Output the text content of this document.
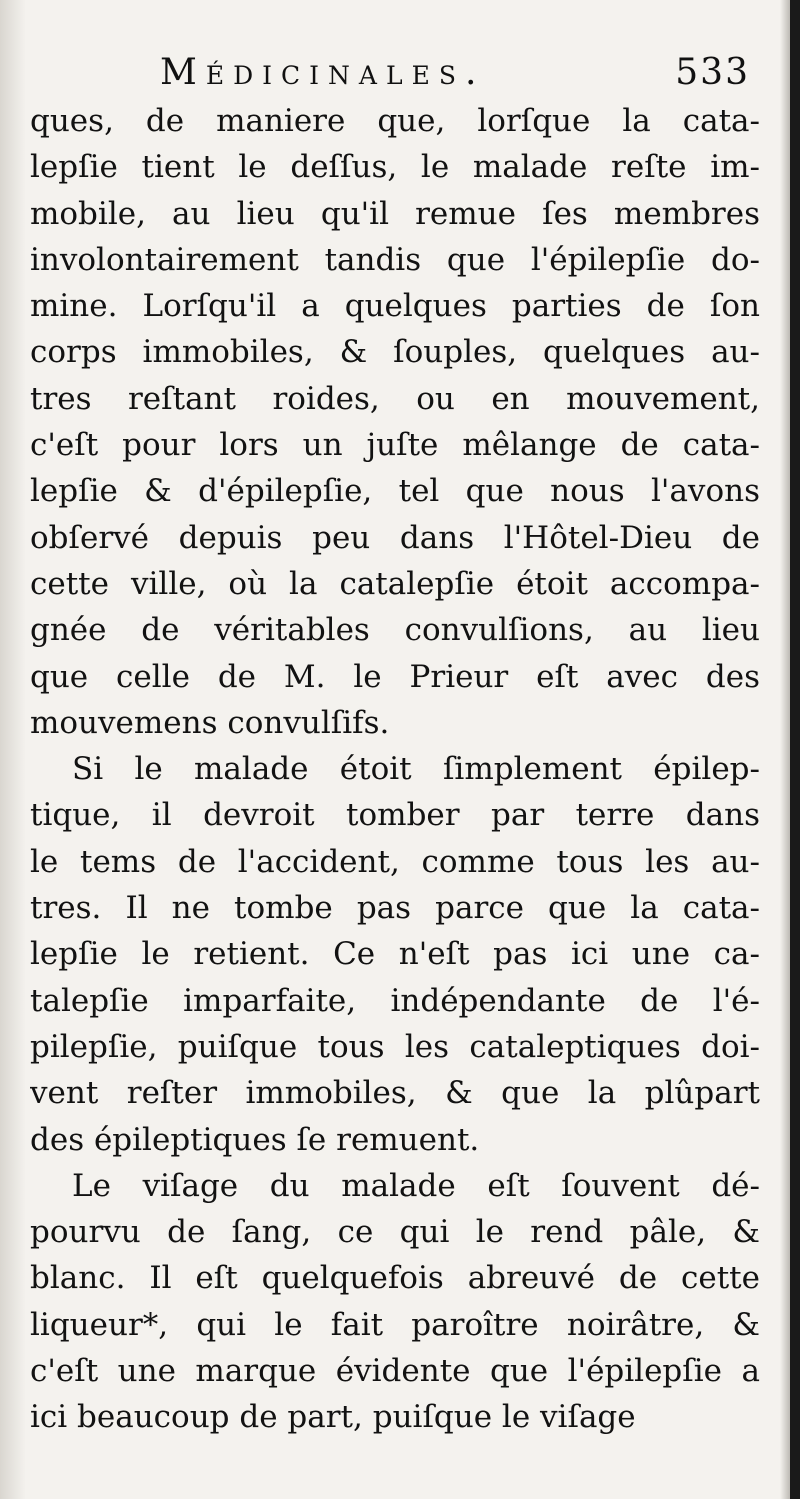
Médicinales.	533
ques, de maniere que, lorſque la cata-
lepſie tient le deſſus, le malade reſte im-
mobile, au lieu qu'il remue ſes membres
involontairement tandis que l'épilepſie do-
mine. Lorſqu'il a quelques parties de ſon
corps immobiles, & ſouples, quelques au-
tres reſtant roides, ou en mouvement,
c'eſt pour lors un juſte mêlange de cata-
lepſie & d'épilepſie, tel que nous l'avons
obſervé depuis peu dans l'Hôtel-Dieu de
cette ville, où la catalepſie étoit accompa-
gnée de véritables convulſions, au lieu
que celle de M. le Prieur eſt avec des
mouvemens convulſifs.
Si le malade étoit ſimplement épilep-
tique, il devroit tomber par terre dans
le tems de l'accident, comme tous les au-
tres. Il ne tombe pas parce que la cata-
lepſie le retient. Ce n'eſt pas ici une ca-
talepſie imparfaite, indépendante de l'é-
pilepſie, puiſque tous les cataleptiques doi-
vent reſter immobiles, & que la plûpart
des épileptiques ſe remuent.
Le viſage du malade eſt ſouvent dé-
pourvu de ſang, ce qui le rend pâle, &
blanc. Il eſt quelquefois abreuvé de cette
liqueur*, qui le fait paroître noirâtre, &
c'eſt une marque évidente que l'épilepſie a
ici beaucoup de part, puiſque le viſage
